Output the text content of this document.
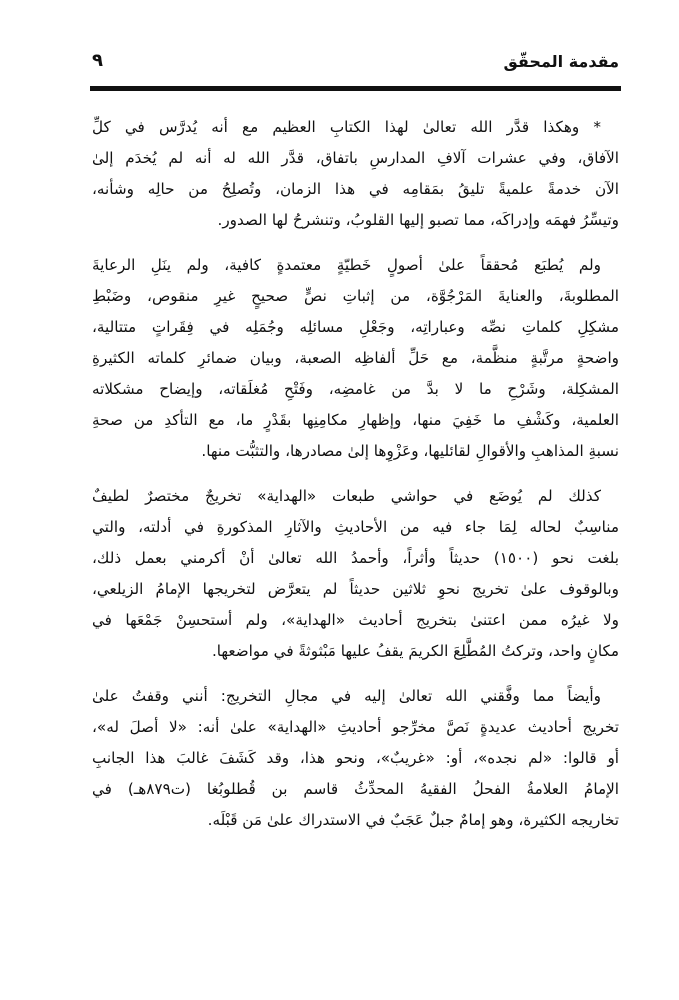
مقدمة المحقّق
٩
* وهكذا قدَّر الله تعالىٰ لهذا الكتابِ العظيم مع أنه يُدرَّس في كلِّ
الآفاق، وفي عشرات آلافِ المدارسِ باتفاق، قدَّر الله له أنه لم يُخدَم إلىٰ
الآن خدمةً علميةً تليقُ بمَقامِه في هذا الزمان، وتُصلِحُ من حالِه وشأنه،
وتيسِّرُ فهمَه وإدراكَه، مما تصبو إليها القلوبُ، وتنشرحُ لها الصدور.
ولم يُطبَع مُحققاً علىٰ أصولٍ خَطيّةٍ معتمدةٍ كافية، ولم ينَلِ الرعايةَ
المطلوبةَ، والعنايةَ المَرْجُوَّة، من إثباتِ نصٍّ صحيحٍ غيرِ منقوص، وضَبْطِ
مشكِلِ كلماتِ نصِّه وعباراتِه، وجَعْلِ مسائلِه وجُمَلِه في فِقَراتٍ متتالية،
واضحةٍ مرتَّبةٍ منظَّمة، مع حَلِّ ألفاظِه الصعبة، وبيان ضمائرِ كلماته الكثيرةِ
المشكِلة، وشَرْحِ ما لا بدَّ من غامضِه، وفَتْحِ مُغلَقاته، وإيضاح مشكلاته
العلمية، وكَشْفِ ما خَفِيَ منها، وإظهارِ مكامِنِها بقَدْرٍ ما، مع التأكدِ من صحةِ
نسبةِ المذاهبِ والأقوالِ لقائليها، وعَزْوِها إلىٰ مصادرها، والتثبُّت منها.
كذلك لم يُوضَع في حواشي طبعات «الهداية» تخريجٌ مختصرٌ لطيفٌ
مناسِبٌ لحاله لِمَا جاء فيه من الأحاديثِ والآثارِ المذكورةِ في أدلته، والتي
بلغت نحو (١٥٠٠) حديثاً وأثراً، وأحمدُ الله تعالىٰ أنْ أكرمني بعمل ذلك،
وبالوقوف علىٰ تخريج نحوِ ثلاثين حديثاً لم يتعرَّض لتخريجها الإمامُ الزيلعي،
ولا غيرُه ممن اعتنىٰ بتخريج أحاديث «الهداية»، ولم أستحسِنْ جَمْعَها في
مكانٍ واحد، وتركتُ المُطَّلِعَ الكريمَ يقفُ عليها مَبْثوثةً في مواضعها.
وأيضاً مما وفَّقني الله تعالىٰ إليه في مجالِ التخريج: أنني وقفتُ علىٰ
تخريج أحاديث عديدةٍ نَصَّ مخرِّجو أحاديثِ «الهداية» علىٰ أنه: «لا أصلَ له»،
أو قالوا: «لم نجده»، أو: «غريبٌ»، ونحو هذا، وقد كَشَفَ غالبَ هذا الجانبِ
الإمامُ العلامةُ الفحلُ الفقيهُ المحدِّثُ قاسم بن قُطلوبُغا (ت٨٧٩هـ) في
تخاريجه الكثيرة، وهو إمامٌ جبلٌ عَجَبٌ في الاستدراك علىٰ مَن قَبْلَه.
